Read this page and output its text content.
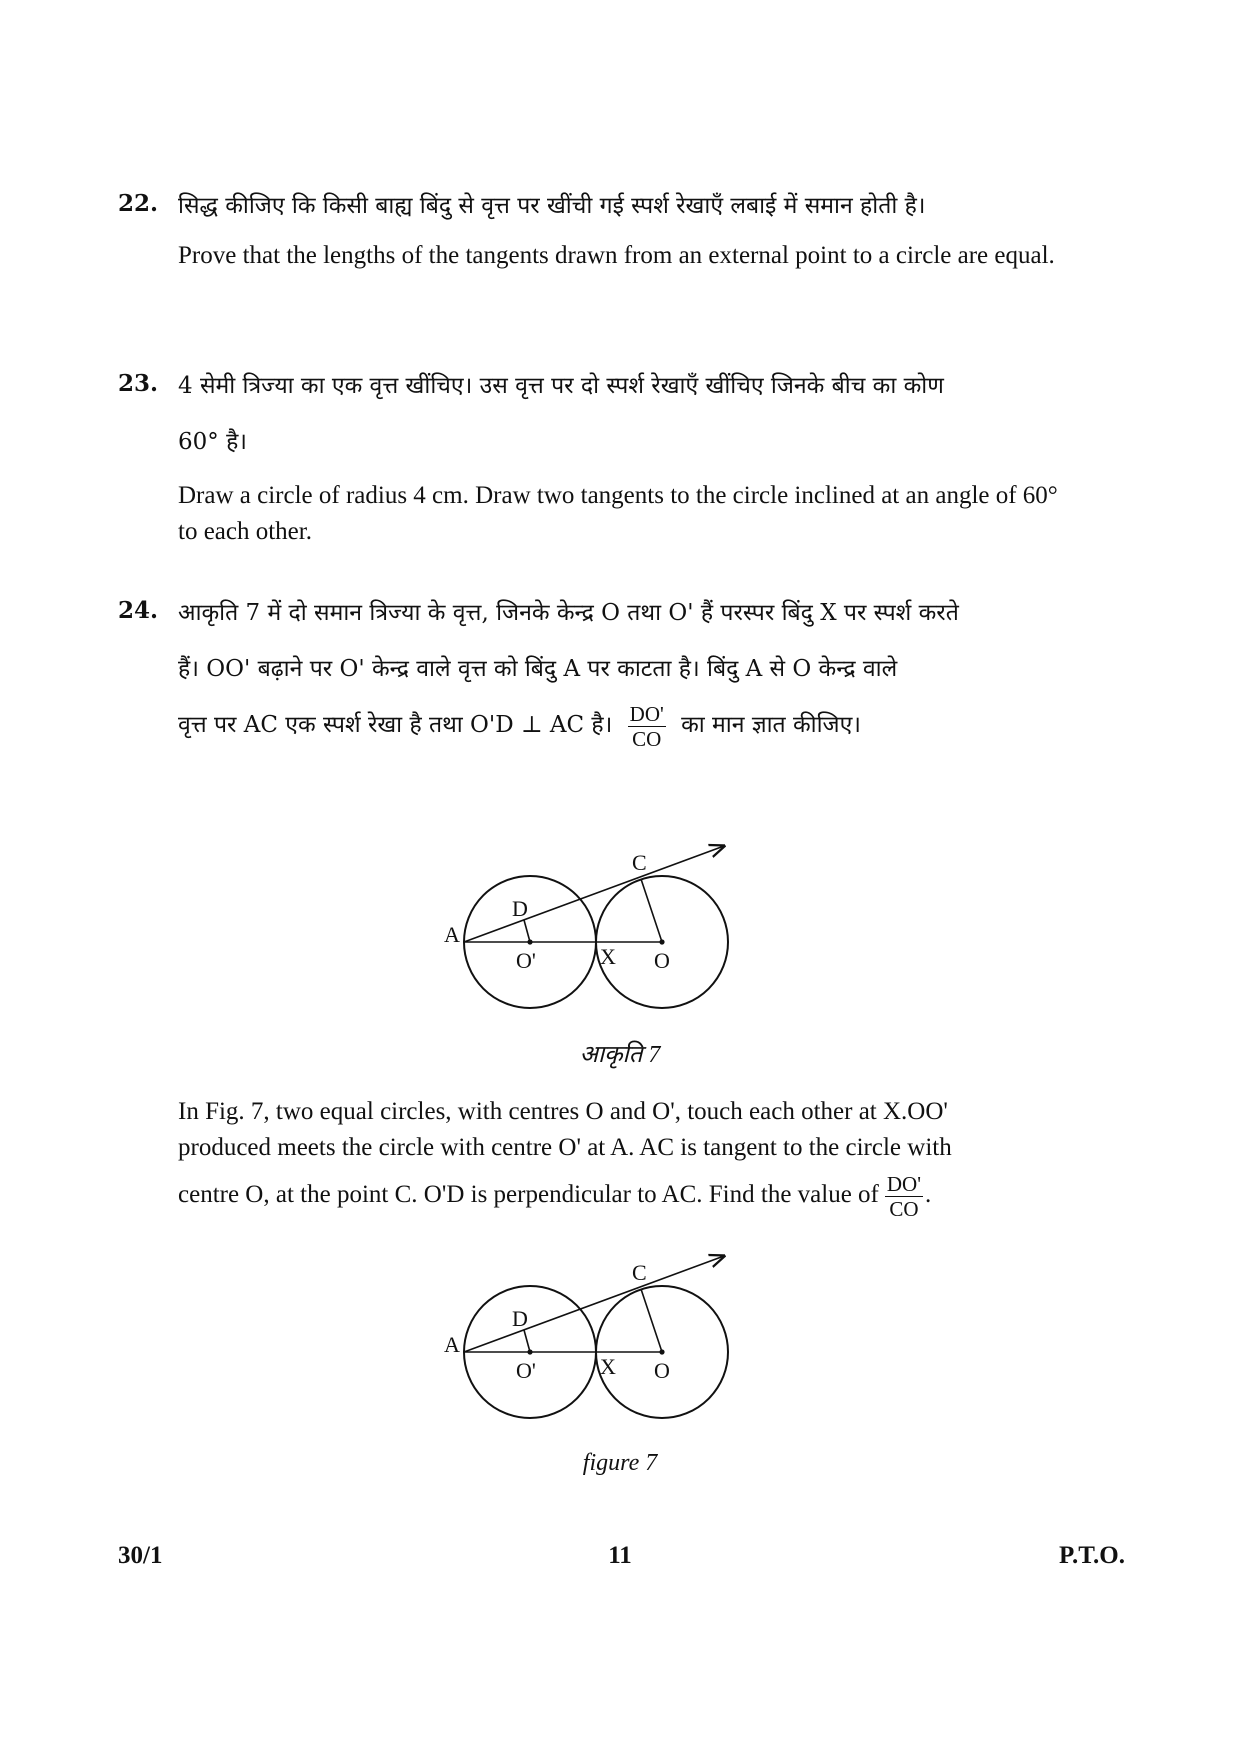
22. सिद्ध कीजिए कि किसी बाह्य बिंदु से वृत्त पर खींची गई स्पर्श रेखाएँ लबाई में समान होती है।

Prove that the lengths of the tangents drawn from an external point to a circle are equal.

23. 4 सेमी त्रिज्या का एक वृत्त खींचिए। उस वृत्त पर दो स्पर्श रेखाएँ खींचिए जिनके बीच का कोण

60° है।

Draw a circle of radius 4 cm. Draw two tangents to the circle inclined at an angle of 60° to each other.

24. आकृति 7 में दो समान त्रिज्या के वृत्त, जिनके केन्द्र O तथा O' हैं परस्पर बिंदु X पर स्पर्श करते

हैं। OO' बढ़ाने पर O' केन्द्र वाले वृत्त को बिंदु A पर काटता है। बिंदु A से O केन्द्र वाले

वृत्त पर AC एक स्पर्श रेखा है तथा O'D ⊥ AC है। $\frac{DO'}{CO}$ का मान ज्ञात कीजिए।

A
C
D
O'	X O
आकृति 7

In Fig. 7, two equal circles, with centres O and O', touch each other at X.OO'

produced meets the circle with centre O' at A. AC is tangent to the circle with

centre O, at the point C. O'D is perpendicular to AC. Find the value of $\frac{DO'}{CO}$ .

A
C
D
O'	X O
figure 7
30/1	11	P.T.O.
